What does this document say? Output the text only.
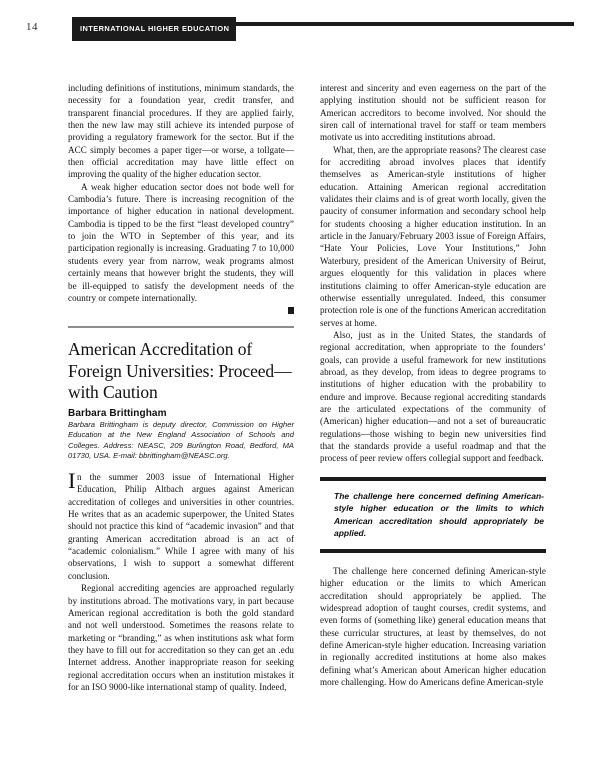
14	INTERNATIONAL HIGHER EDUCATION

including definitions of institutions, minimum standards, the necessity for a foundation year, credit transfer, and transparent financial procedures. If they are applied fairly, then the new law may still achieve its intended purpose of providing a regulatory framework for the sector. But if the ACC simply becomes a paper tiger—or worse, a tollgate—then official accreditation may have little effect on improving the quality of the higher education sector.

A weak higher education sector does not bode well for Cambodia’s future. There is increasing recognition of the importance of higher education in national development. Cambodia is tipped to be the first “least developed country” to join the WTO in September of this year, and its participation regionally is increasing. Graduating 7 to 10,000 students every year from narrow, weak programs almost certainly means that however bright the students, they will be ill-equipped to satisfy the development needs of the country or compete internationally.

American Accreditation of Foreign Universities: Proceed—with Caution
Barbara Brittingham
Barbara Brittingham is deputy director, Commission on Higher Education at the New England Association of Schools and Colleges. Address: NEASC, 209 Burlington Road, Bedford, MA 01730, USA. E-mail: bbrittingham@NEASC.org.

In the summer 2003 issue of International Higher Education, Philip Altbach argues against American accreditation of colleges and universities in other countries. He writes that as an academic superpower, the United States should not practice this kind of “academic invasion” and that granting American accreditation abroad is an act of “academic colonialism.” While I agree with many of his observations, I wish to support a somewhat different conclusion.

Regional accrediting agencies are approached regularly by institutions abroad. The motivations vary, in part because American regional accreditation is both the gold standard and not well understood. Sometimes the reasons relate to marketing or “branding,” as when institutions ask what form they have to fill out for accreditation so they can get an .edu Internet address. Another inappropriate reason for seeking regional accreditation occurs when an institution mistakes it for an ISO 9000-like international stamp of quality. Indeed,

interest and sincerity and even eagerness on the part of the applying institution should not be sufficient reason for American accreditors to become involved. Nor should the siren call of international travel for staff or team members motivate us into accrediting institutions abroad.

What, then, are the appropriate reasons? The clearest case for accrediting abroad involves places that identify themselves as American-style institutions of higher education. Attaining American regional accreditation validates their claims and is of great worth locally, given the paucity of consumer information and secondary school help for students choosing a higher education institution. In an article in the January/February 2003 issue of Foreign Affairs, “Hate Your Policies, Love Your Institutions,” John Waterbury, president of the American University of Beirut, argues eloquently for this validation in places where institutions claiming to offer American-style education are otherwise essentially unregulated. Indeed, this consumer protection role is one of the functions American accreditation serves at home.

Also, just as in the United States, the standards of regional accreditation, when appropriate to the founders’ goals, can provide a useful framework for new institutions abroad, as they develop, from ideas to degree programs to institutions of higher education with the probability to endure and improve. Because regional accrediting standards are the articulated expectations of the community of (American) higher education—and not a set of bureaucratic regulations—those wishing to begin new universities find that the standards provide a useful roadmap and that the process of peer review offers collegial support and feedback.

The challenge here concerned defining American-style higher education or the limits to which American accreditation should appropriately be applied.

The challenge here concerned defining American-style higher education or the limits to which American accreditation should appropriately be applied. The widespread adoption of taught courses, credit systems, and even forms of (something like) general education means that these curricular structures, at least by themselves, do not define American-style higher education. Increasing variation in regionally accredited institutions at home also makes defining what’s American about American higher education more challenging. How do Americans define American-style
